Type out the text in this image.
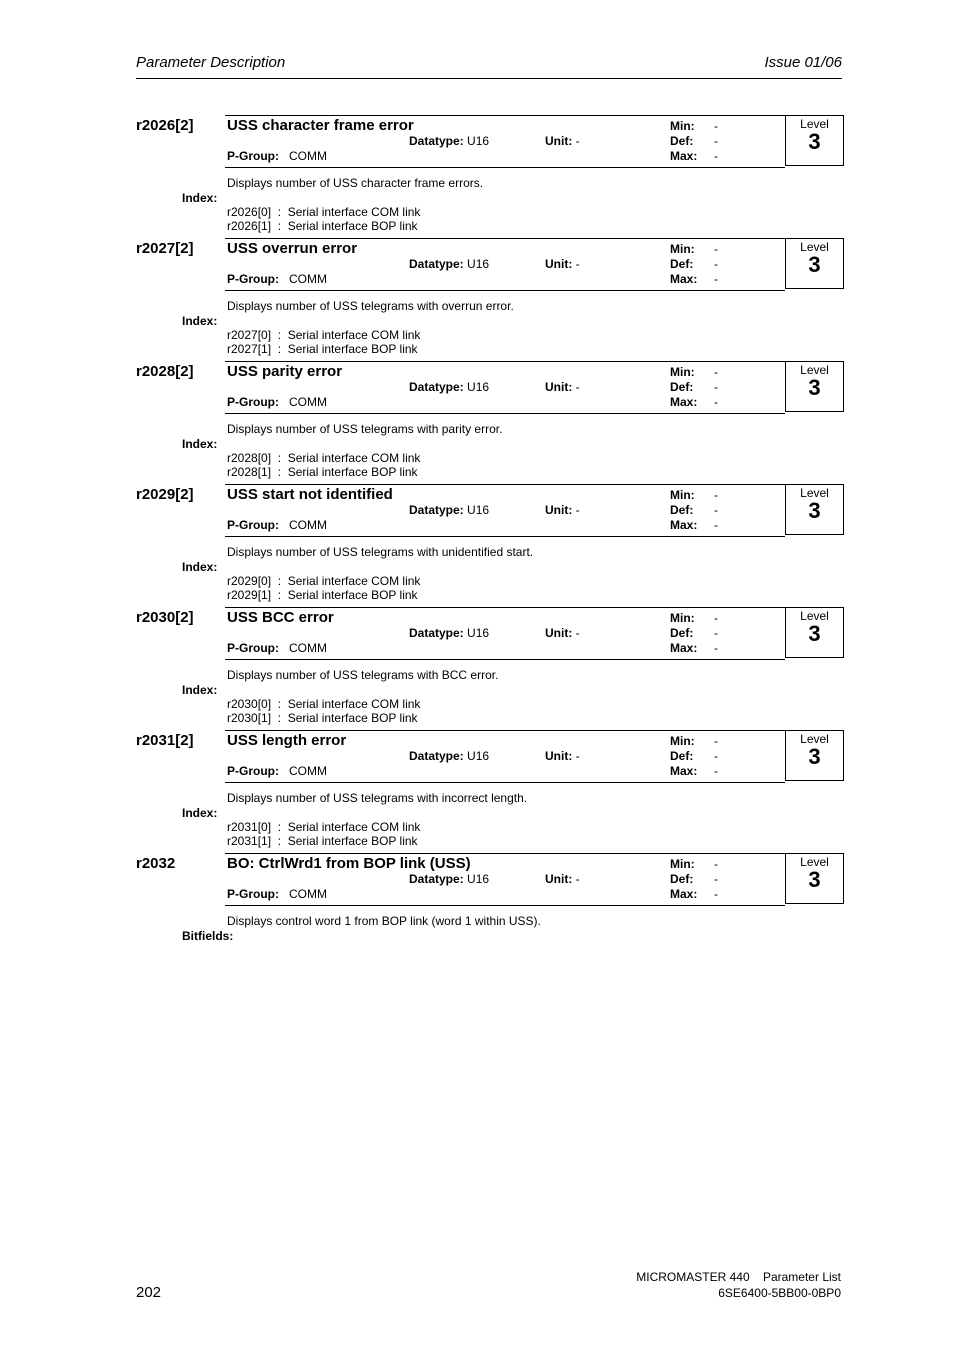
Parameter Description	Issue 01/06
r2026[2] USS character frame error
Datatype: U16	Unit: -
P-Group: COMM
Min: -
Def: -
Max: -
Level
3
Displays number of USS character frame errors.
Index:
r2026[0]  :  Serial interface COM link
r2026[1]  :  Serial interface BOP link
r2027[2] USS overrun error
Datatype: U16	Unit: -
P-Group: COMM
Min: -
Def: -
Max: -
Level
3
Displays number of USS telegrams with overrun error.
Index:
r2027[0]  :  Serial interface COM link
r2027[1]  :  Serial interface BOP link
r2028[2] USS parity error
Datatype: U16	Unit: -
P-Group: COMM
Min: -
Def: -
Max: -
Level
3
Displays number of USS telegrams with parity error.
Index:
r2028[0]  :  Serial interface COM link
r2028[1]  :  Serial interface BOP link
r2029[2] USS start not identified
Datatype: U16	Unit: -
P-Group: COMM
Min: -
Def: -
Max: -
Level
3
Displays number of USS telegrams with unidentified start.
Index:
r2029[0]  :  Serial interface COM link
r2029[1]  :  Serial interface BOP link
r2030[2] USS BCC error
Datatype: U16	Unit: -
P-Group: COMM
Min: -
Def: -
Max: -
Level
3
Displays number of USS telegrams with BCC error.
Index:
r2030[0]  :  Serial interface COM link
r2030[1]  :  Serial interface BOP link
r2031[2] USS length error
Datatype: U16	Unit: -
P-Group: COMM
Min: -
Def: -
Max: -
Level
3
Displays number of USS telegrams with incorrect length.
Index:
r2031[0]  :  Serial interface COM link
r2031[1]  :  Serial interface BOP link
r2032	BO: CtrlWrd1 from BOP link (USS)
Datatype: U16	Unit: -
P-Group: COMM
Min: -
Def: -
Max: -
Level
3
Displays control word 1 from BOP link (word 1 within USS).
Bitfields:
202
MICROMASTER 440    Parameter List
6SE6400-5BB00-0BP0
